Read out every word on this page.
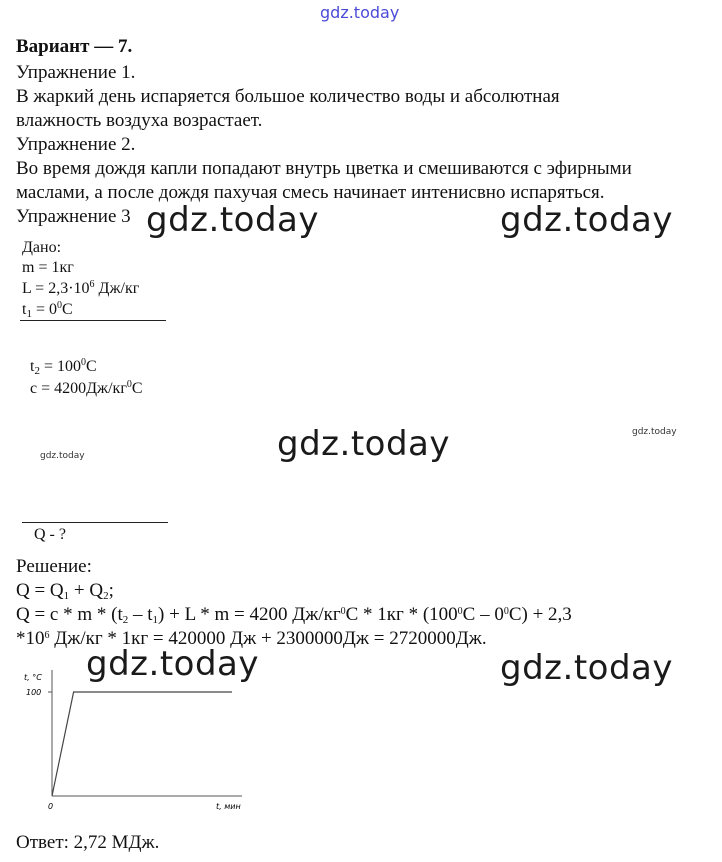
gdz.today
Вариант — 7.
Упражнение 1.
В жаркий день испаряется большое количество воды и абсолютная
влажность воздуха возрастает.
Упражнение 2.
Во время дождя капли попадают внутрь цветка и смешиваются с эфирными
маслами, а после дождя пахучая смесь начинает интенисвно испаряться.
Упражнение 3 gdz.today	gdz.today
Дано:
m = 1кг
$L = 2,3\cdot 10^6$ Дж/кг
$t_1 = 0^0C$
$t_2 = 100^0C$
$c = 4200Дж/кг^0C$
gdz.today	gdz.today
gdz.today
Q - ?
Решение:
$Q = Q_1 + Q_2$;
$Q = c * m * (t_2 - t_1) + L * m = 4200$ $Дж/кг^0C * 1кг * (100^0C - 0^0C) + 2,3$
$*10^6$ Дж/кг * 1кг = 420000 Дж + 2300000Дж = 2720000Дж.
gdz.today	gdz.today
t, °C
100
0	t, мин
Ответ: 2,72 МДж.
